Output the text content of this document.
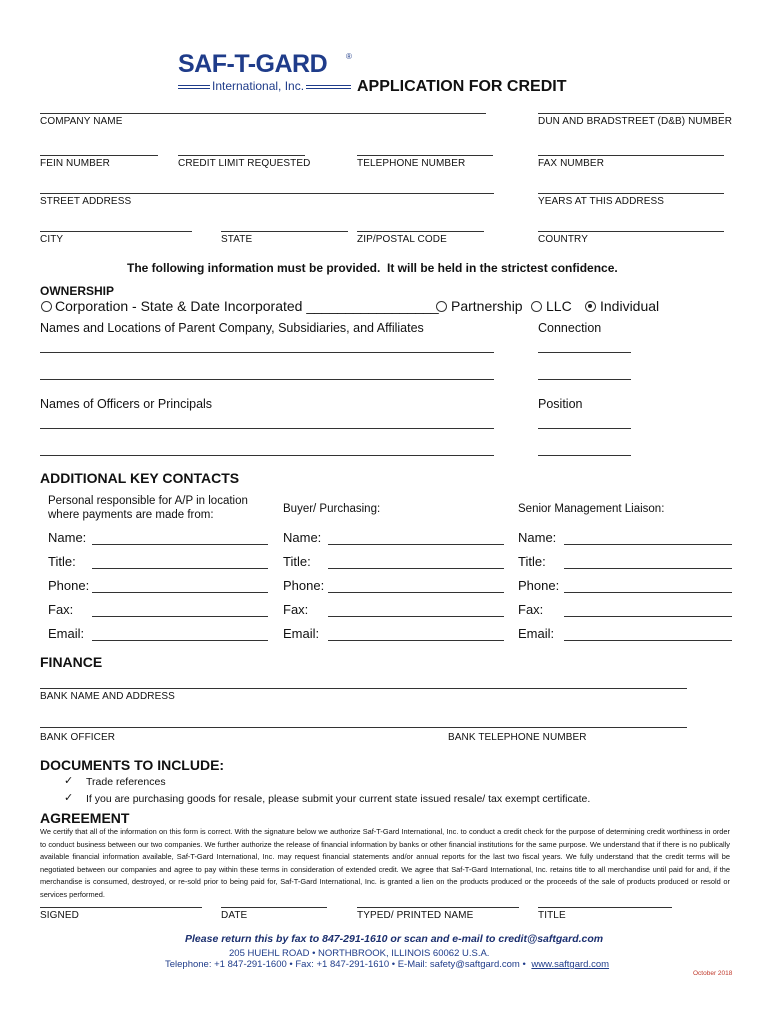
SAF-T-GARD ®
International, Inc.	APPLICATION FOR CREDIT
COMPANY NAME	DUN AND BRADSTREET (D&B) NUMBER
FEIN NUMBER	CREDIT LIMIT REQUESTED	TELEPHONE NUMBER	FAX NUMBER
STREET ADDRESS	YEARS AT THIS ADDRESS
CITY	STATE	ZIP/POSTAL CODE	COUNTRY
The following information must be provided.  It will be held in the strictest confidence.
OWNERSHIP
Corporation - State & Date Incorporated _________________ Partnership LLC Individual
Names and Locations of Parent Company, Subsidiaries, and Affiliates	Connection
Names of Officers or Principals	Position
ADDITIONAL KEY CONTACTS
Personal responsible for A/P in location where payments are made from:	Buyer/ Purchasing:	Senior Management Liaison:
Name:	Name:	Name:
Title:	Title:	Title:
Phone:	Phone:	Phone:
Fax:	Fax:	Fax:
Email:	Email:	Email:
FINANCE
BANK NAME AND ADDRESS
BANK OFFICER	BANK TELEPHONE NUMBER
DOCUMENTS TO INCLUDE:
✓ Trade references
✓ If you are purchasing goods for resale, please submit your current state issued resale/ tax exempt certificate.
AGREEMENT
We certify that all of the information on this form is correct. With the signature below we authorize Saf-T-Gard International, Inc. to conduct a credit check for the purpose of determining credit worthiness in order to conduct business between our two companies. We further authorize the release of financial information by banks or other financial institutions for the same purpose. We understand that if there is no publically available financial information available, Saf-T-Gard International, Inc. may request financial statements and/or annual reports for the last two fiscal years. We fully understand that the credit terms will be negotiated between our companies and agree to pay within these terms in consideration of extended credit. We agree that Saf-T-Gard International, Inc. retains title to all merchandise until paid for and, if the merchandise is consumed, destroyed, or re-sold prior to being paid for, Saf-T-Gard International, Inc. is granted a lien on the products produced or the proceeds of the sale of products produced or resold or services performed.
SIGNED	DATE	TYPED/ PRINTED NAME	TITLE
Please return this by fax to 847-291-1610 or scan and e-mail to credit@saftgard.com
205 HUEHL ROAD • NORTHBROOK, ILLINOIS 60062 U.S.A.
Telephone: +1 847-291-1600 • Fax: +1 847-291-1610 • E-Mail: safety@saftgard.com • www.saftgard.com
October 2018
